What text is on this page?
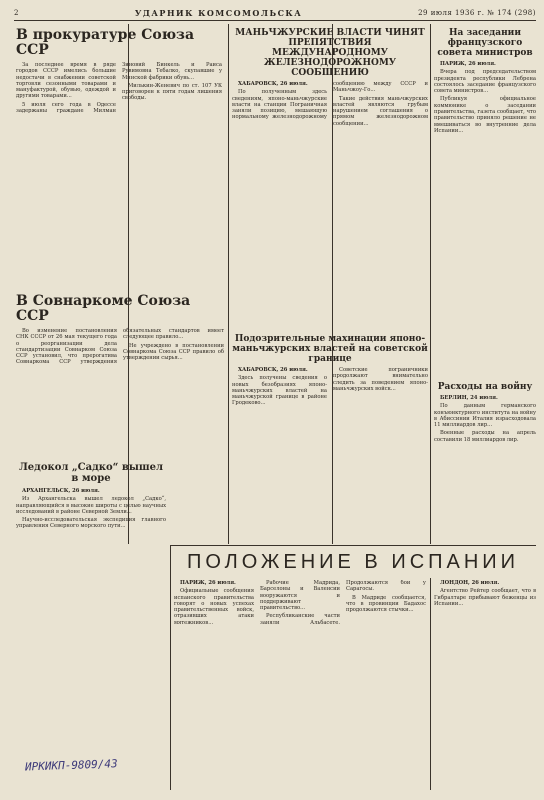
2	УДАРНИК КОМСОМОЛЬСКА	29 июля 1936 г. № 174 (298)
В прокуратуре Союза ССР

За последнее время в ряде городов СССР имелись большие недостачи в снабжении советской торговли сезонными товарами и мануфактурой, обувью, одеждой и другими товарами...

5 июля сего года в Одессе задержаны граждане Милман Зиновий Бинкель и Раиса Рувимовна Тебалко, скупавшие у Минской фабрики обувь...

Милькин-Женевич по ст. 107 УК приговорен к пяти годам лишения свободы.

В Совнаркоме Союза ССР

Во изменение постановления СНК СССР от 26 мая текущего года о реорганизации дела стандартизации Совнарком Союза ССР установил, что прерогатива Совнаркома ССР утверждения обязательных стандартов имеет следующее правило...

Не учреждено в постановлении Совнаркома Союза ССР правило об утверждении сырья...

Ледокол „Садко“ вышел в море

АРХАНГЕЛЬСК, 26 июля.

Из Архангельска вышел ледокол „Садко“, направляющийся в высокие широты с целью научных исследований в районе Северной Земли...

Научно-исследовательская экспедиция главного управления Северного морского пути...

МАНЬЧЖУРСКИЕ ВЛАСТИ ЧИНЯТ ПРЕПЯТСТВИЯ МЕЖДУНАРОДНОМУ ЖЕЛЕЗНОДОРОЖНОМУ СООБЩЕНИЮ

ХАБАРОВСК, 26 июля.

По полученным здесь сведениям, японо-маньчжурские власти на станции Пограничная заняли позицию, мешающую нормальному железнодорожному сообщению между СССР и Маньчжоу-Го...

Такие действия маньчжурских властей являются грубым нарушением соглашения о прямом железнодорожном сообщении...

Подозрительные махинации японо-маньчжурских властей на советской границе

ХАБАРОВСК, 26 июля.

Здесь получены сведения о новых безобразиях японо-маньчжурских властей на маньчжурской границе в районе Гродеково...

Советские пограничники продолжают внимательно следить за поведением японо-маньчжурских войск...

На заседании французского совета министров

ПАРИЖ, 26 июля.

Вчера под председательством президента республики Лебрена состоялось заседание французского совета министров...

Публикуя официальное коммюнике о заседании правительства, газета сообщает, что правительство приняло решение не вмешиваться во внутренние дела Испании...

Расходы на войну

БЕРЛИН, 24 июля.

По данным германского конъюнктурного института на войну в Абиссинии Италия израсходовала 11 миллиардов лир...

Военные расходы на апрель составили 18 миллиардов лир.

ПОЛОЖЕНИЕ В ИСПАНИИ

ПАРИЖ, 26 июля.

Официальные сообщения испанского правительства говорят о новых успехах правительственных войск, отразивших атаки мятежников...

Рабочие Мадрида, Барселоны и Валенсии вооружаются и поддерживают правительство...

Республиканские части заняли Альбасете. Продолжаются бои у Сарагосы.

В Мадриде сообщается, что в провинции Бадахос продолжаются стычки...

ЛОНДОН, 26 июля.

Агентство Рейтер сообщает, что в Гибралтаре прибывают беженцы из Испании...

ИРКИКП-9809/43
